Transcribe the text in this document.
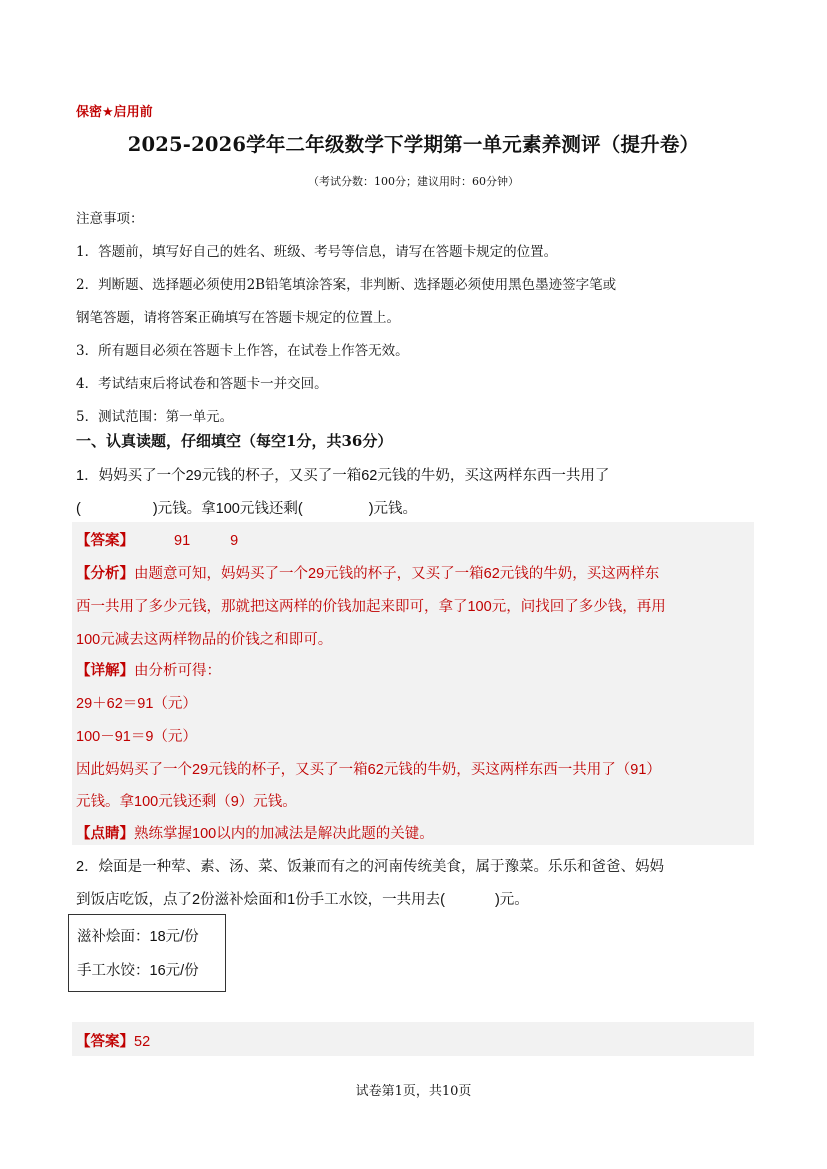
保密★启用前
2025-2026学年二年级数学下学期第一单元素养测评（提升卷）
（考试分数：100分；建议用时：60分钟）
注意事项：
1．答题前，填写好自己的姓名、班级、考号等信息，请写在答题卡规定的位置。
2．判断题、选择题必须使用2B铅笔填涂答案，非判断、选择题必须使用黑色墨迹签字笔或
钢笔答题，请将答案正确填写在答题卡规定的位置上。
3．所有题目必须在答题卡上作答，在试卷上作答无效。
4．考试结束后将试卷和答题卡一并交回。
5．测试范围：第一单元。
一、认真读题，仔细填空（每空1分，共36分）
1．妈妈买了一个29元钱的杯子，又买了一箱62元钱的牛奶，买这两样东西一共用了
(	)元钱。拿100元钱还剩(	)元钱。
【答案】	91	9
【分析】由题意可知，妈妈买了一个29元钱的杯子，又买了一箱62元钱的牛奶，买这两样东
西一共用了多少元钱，那就把这两样的价钱加起来即可，拿了100元，问找回了多少钱，再用
100元减去这两样物品的价钱之和即可。
【详解】由分析可得：
29＋62＝91（元）
100－91＝9（元）
因此妈妈买了一个29元钱的杯子，又买了一箱62元钱的牛奶，买这两样东西一共用了（91）
元钱。拿100元钱还剩（9）元钱。
【点睛】熟练掌握100以内的加减法是解决此题的关键。
2．烩面是一种荤、素、汤、菜、饭兼而有之的河南传统美食，属于豫菜。乐乐和爸爸、妈妈
到饭店吃饭，点了2份滋补烩面和1份手工水饺，一共用去(	)元。
滋补烩面：18元/份
手工水饺：16元/份
【答案】52
试卷第1页，共10页
